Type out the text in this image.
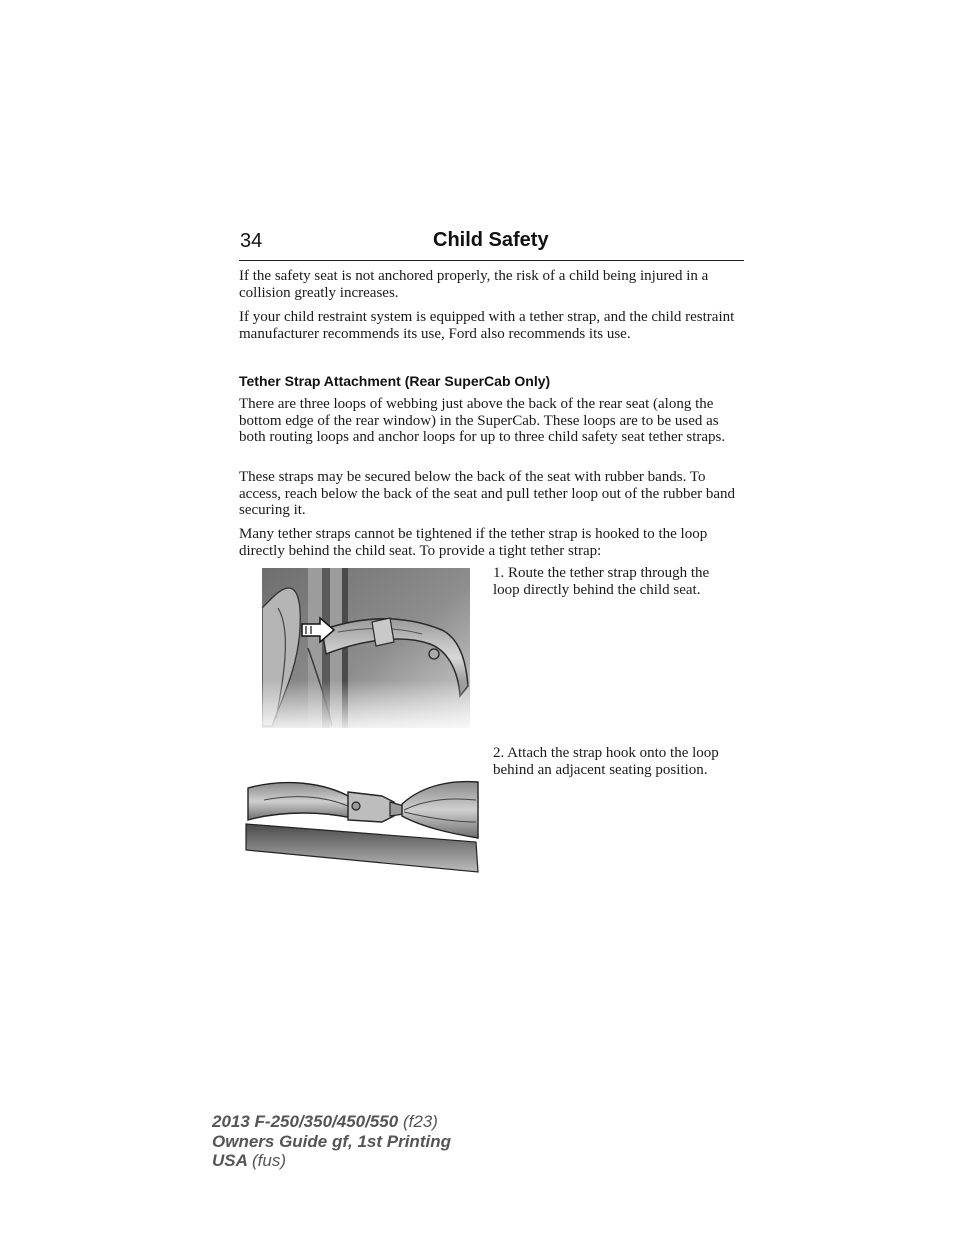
34	Child Safety

If the safety seat is not anchored properly, the risk of a child being injured in a collision greatly increases.

If your child restraint system is equipped with a tether strap, and the child restraint manufacturer recommends its use, Ford also recommends its use.

Tether Strap Attachment (Rear SuperCab Only)

There are three loops of webbing just above the back of the rear seat (along the bottom edge of the rear window) in the SuperCab. These loops are to be used as both routing loops and anchor loops for up to three child safety seat tether straps.

These straps may be secured below the back of the seat with rubber bands. To access, reach below the back of the seat and pull tether loop out of the rubber band securing it.

Many tether straps cannot be tightened if the tether strap is hooked to the loop directly behind the child seat. To provide a tight tether strap:

1. Route the tether strap through the loop directly behind the child seat.

2. Attach the strap hook onto the loop behind an adjacent seating position.

2013 F-250/350/450/550 (f23)
Owners Guide gf, 1st Printing
USA (fus)
